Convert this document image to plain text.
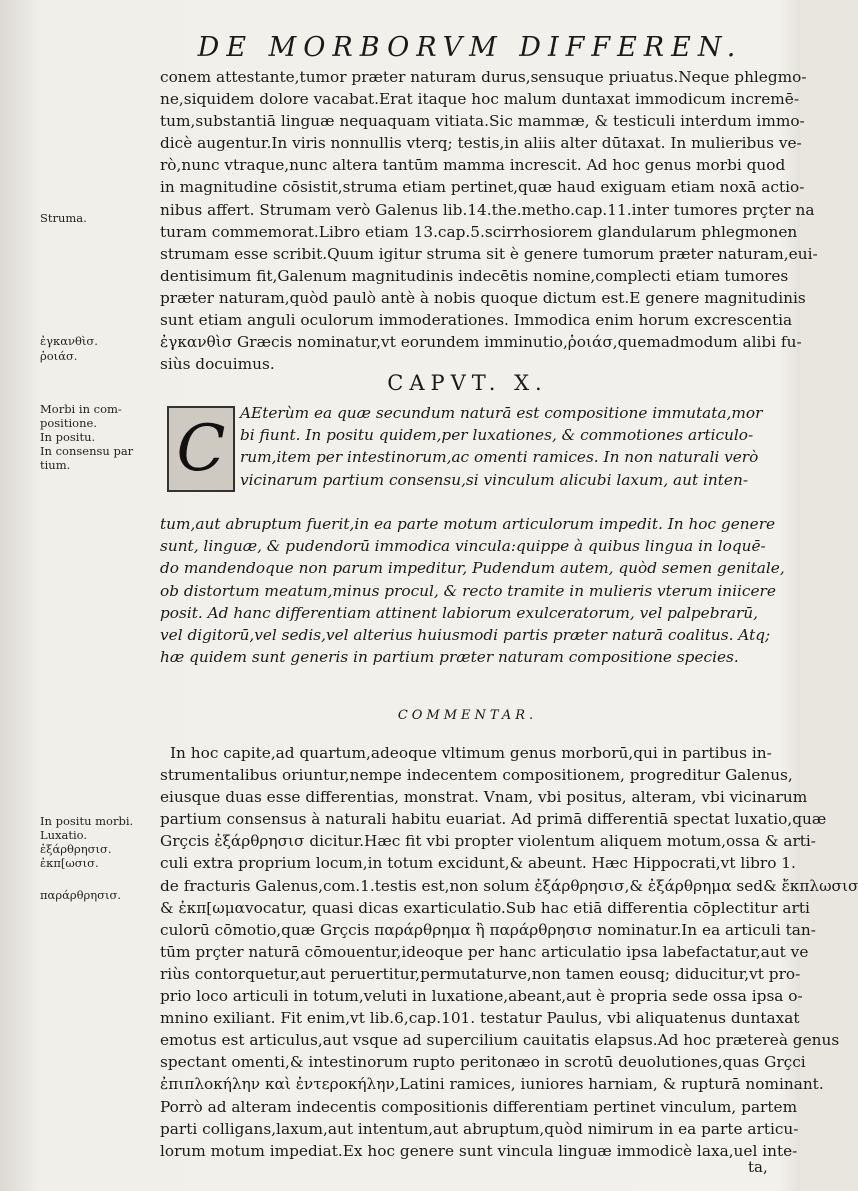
DE MORBORVM DIFFEREN.
Struma.
ἐγκανθὶσ.
ῥοιάσ.
Morbi in com-
positione.
In positu.
In consensu par
tium.
In positu morbi.
Luxatio.
ἐξάρθρησισ.
ἐκπ[ωσισ.
παράρθρησισ.
conem attestante,tumor præter naturam durus,sensuque priuatus.Neque phlegmo-
ne,siquidem dolore vacabat.Erat itaque hoc malum duntaxat immodicum incremē-
tum,substantiā linguæ nequaquam vitiata.Sic mammæ, & testiculi interdum immo-
dicè augentur.In viris nonnullis vterq; testis,in aliis alter dūtaxat. In mulieribus ve-
rò,nunc vtraque,nunc altera tantūm mamma increscit. Ad hoc genus morbi quod
in magnitudine cōsistit,struma etiam pertinet,quæ haud exiguam etiam noxā actio-
nibus affert. Strumam verò Galenus lib.14.the.metho.cap.11.inter tumores prçter na
turam commemorat.Libro etiam 13.cap.5.scirrhosiorem glandularum phlegmonen
strumam esse scribit.Quum igitur struma sit è genere tumorum præter naturam,eui-
dentisimum fit,Galenum magnitudinis indecētis nomine,complecti etiam tumores
præter naturam,quòd paulò antè à nobis quoque dictum est.E genere magnitudinis
sunt etiam anguli oculorum immoderationes. Immodica enim horum excrescentia
ἐγκανθὶσ Græcis nominatur,vt eorundem imminutio,ῥοιάσ,quemadmodum alibi fu-
siùs docuimus.
CAPVT. X.
C AEterùm ea quæ secundum naturā est compositione immutata,mor
bi fiunt. In positu quidem,per luxationes, & commotiones articulo-
rum,item per intestinorum,ac omenti ramices. In non naturali verò
vicinarum partium consensu,si vinculum alicubi laxum, aut inten-
tum,aut abruptum fuerit,in ea parte motum articulorum impedit. In hoc genere
sunt, linguæ, & pudendorū immodica vincula:quippe à quibus lingua in loquē-
do mandendoque non parum impeditur, Pudendum autem, quòd semen genitale,
ob distortum meatum,minus procul, & recto tramite in mulieris vterum iniicere
posit. Ad hanc differentiam attinent labiorum exulceratorum, vel palpebrarū,
vel digitorū,vel sedis,vel alterius huiusmodi partis præter naturā coalitus. Atq;
hæ quidem sunt generis in partium præter naturam compositione species.
COMMENTAR.
In hoc capite,ad quartum,adeoque vltimum genus morborū,qui in partibus in-
strumentalibus oriuntur,nempe indecentem compositionem, progreditur Galenus,
eiusque duas esse differentias, monstrat. Vnam, vbi positus, alteram, vbi vicinarum
partium consensus à naturali habitu euariat. Ad primā differentiā spectat luxatio,quæ
Grçcis ἐξάρθρησισ dicitur.Hæc fit vbi propter violentum aliquem motum,ossa & arti-
culi extra proprium locum,in totum excidunt,& abeunt. Hæc Hippocrati,vt libro 1.
de fracturis Galenus,com.1.testis est,non solum ἐξάρθρησισ,& ἐξάρθρημα sed& ἔκπλωσισ
& ἐκπ[ωμαvocatur, quasi dicas exarticulatio.Sub hac etiā differentia cōplectitur arti
culorū cōmotio,quæ Grçcis παράρθρημα ἢ παράρθρησισ nominatur.In ea articuli tan-
tūm prçter naturā cōmouentur,ideoque per hanc articulatio ipsa labefactatur,aut ve
riùs contorquetur,aut peruertitur,permutaturve,non tamen eousq; diducitur,vt pro-
prio loco articuli in totum,veluti in luxatione,abeant,aut è propria sede ossa ipsa o-
mnino exiliant. Fit enim,vt lib.6,cap.101. testatur Paulus, vbi aliquatenus duntaxat
emotus est articulus,aut vsque ad supercilium cauitatis elapsus.Ad hoc prætereà genus
spectant omenti,& intestinorum rupto peritonæo in scrotū deuolutiones,quas Grçci
ἐπιπλοκήλην καὶ ἐντεροκήλην,Latini ramices, iuniores harniam, & rupturā nominant.
Porrò ad alteram indecentis compositionis differentiam pertinet vinculum, partem
parti colligans,laxum,aut intentum,aut abruptum,quòd nimirum in ea parte articu-
lorum motum impediat.Ex hoc genere sunt vincula linguæ immodicè laxa,uel inte-
ta,
